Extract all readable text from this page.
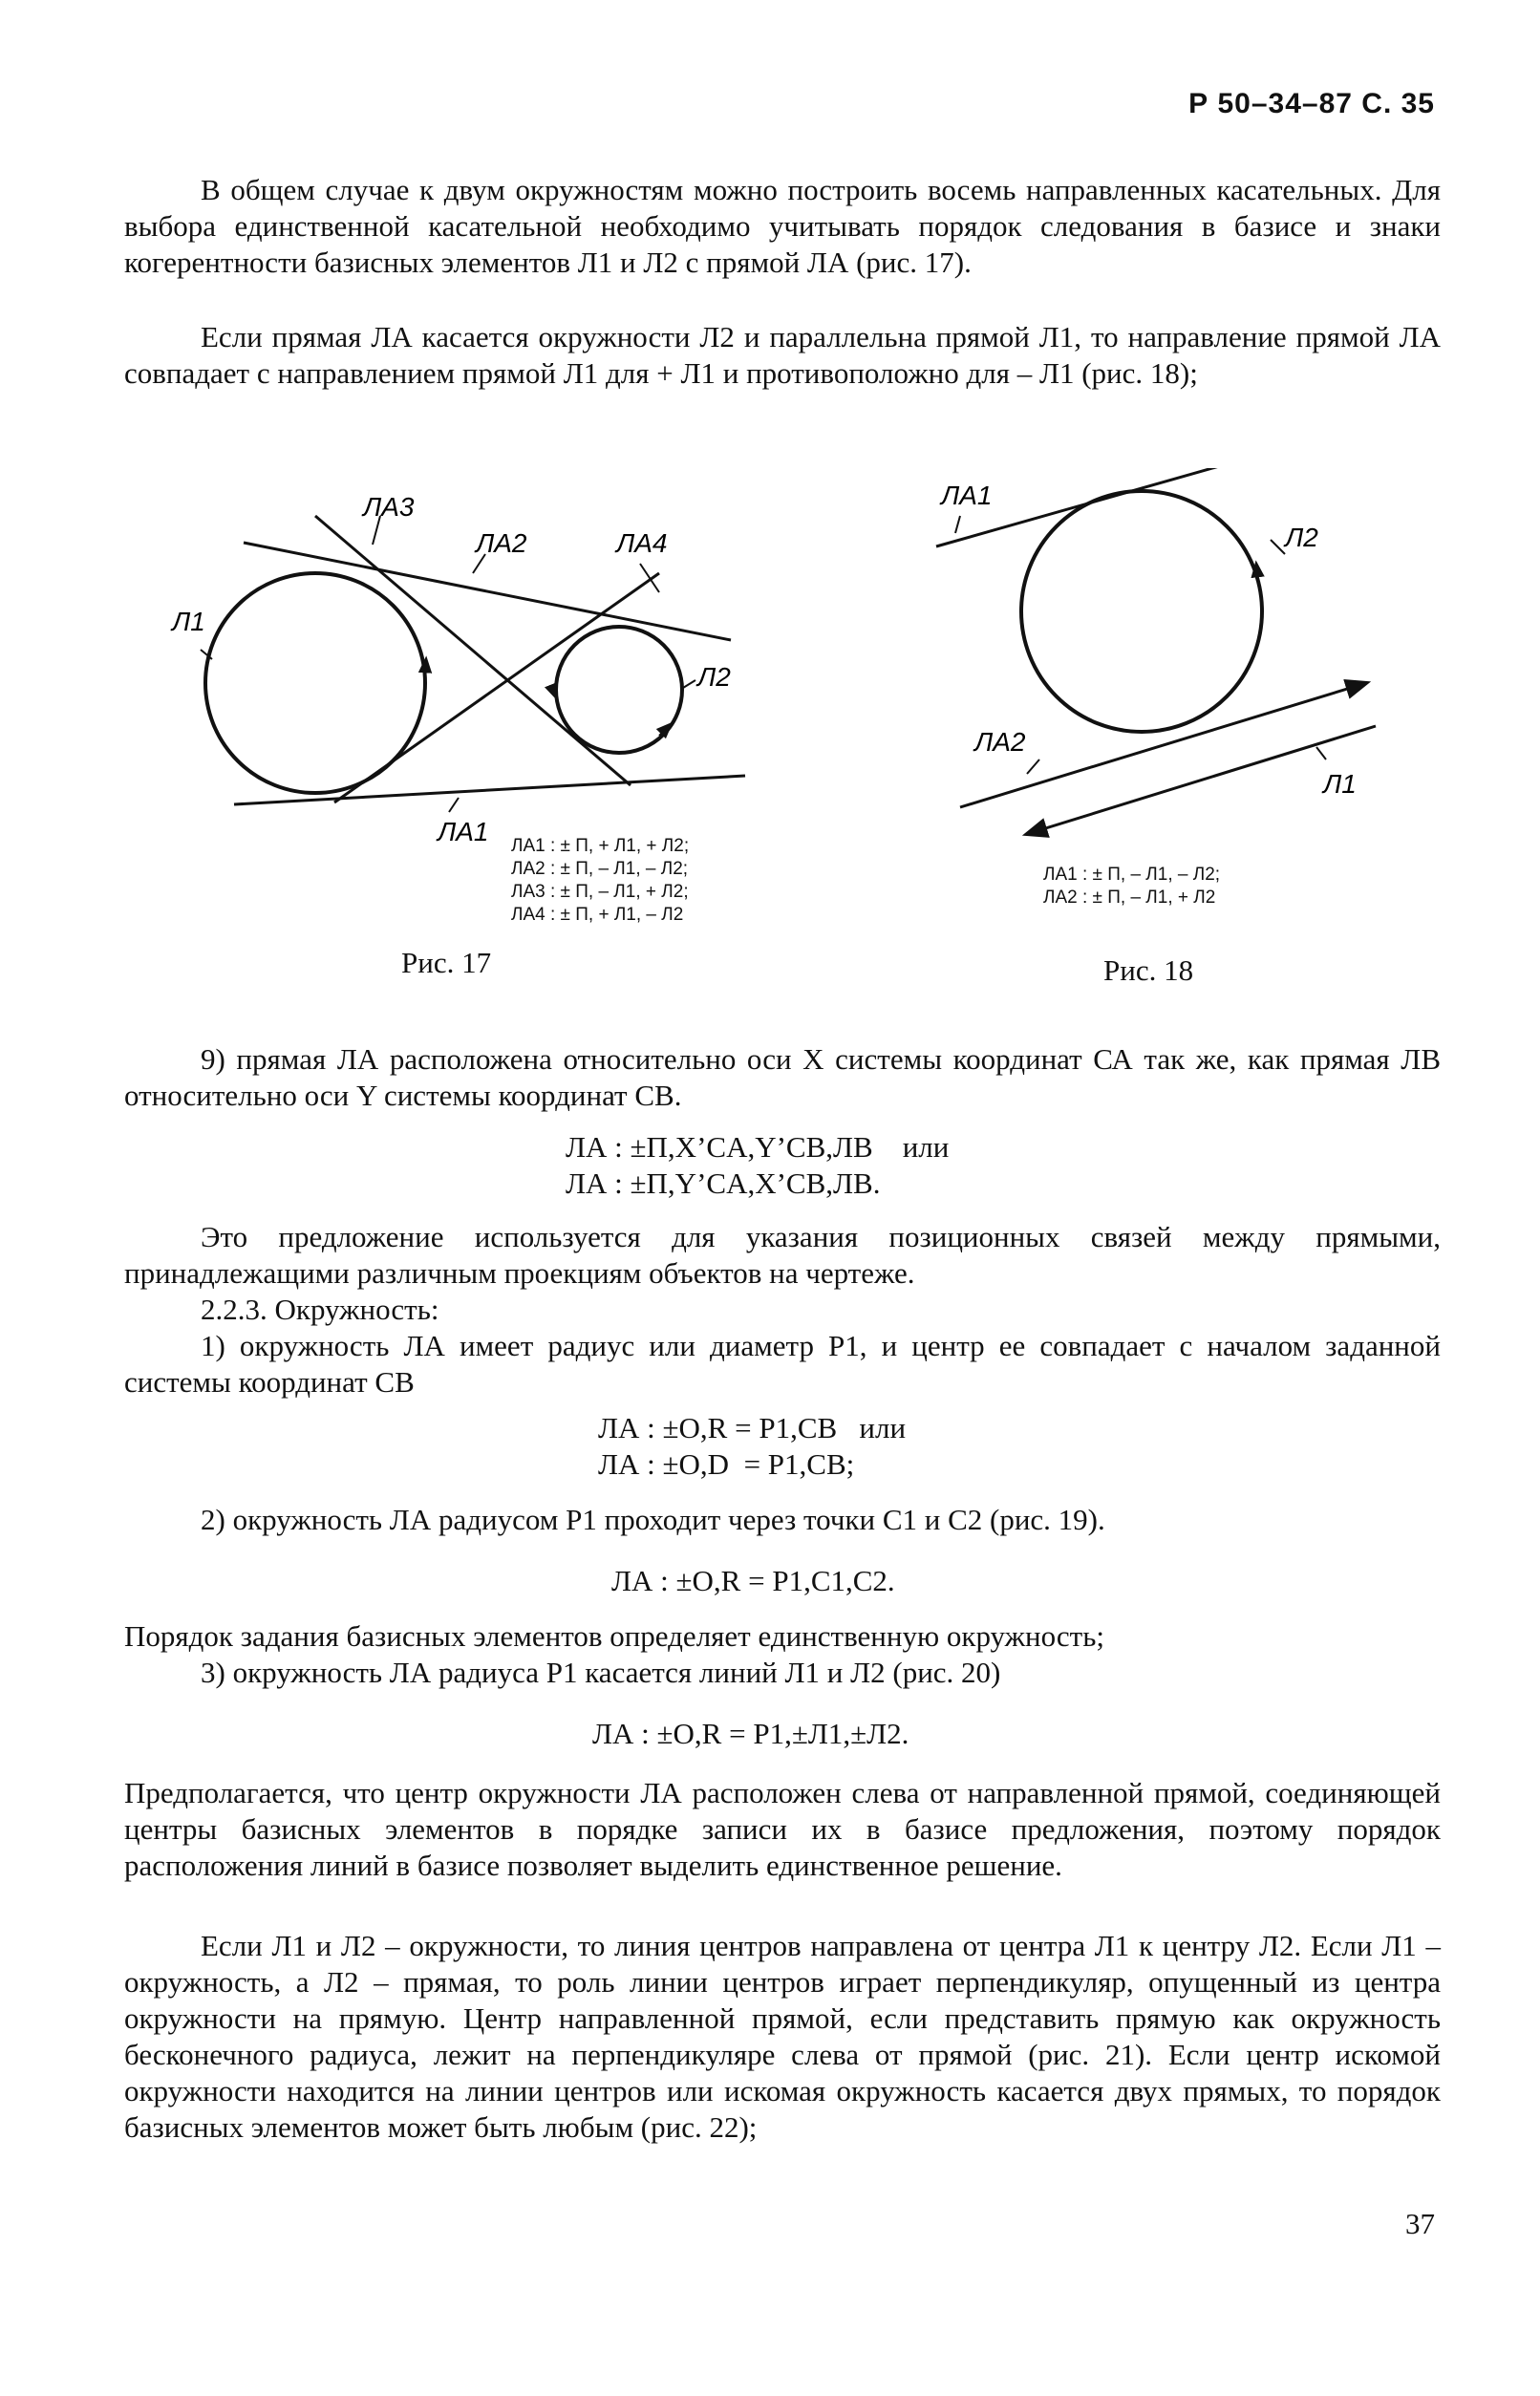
Р 50–34–87 С. 35

В общем случае к двум окружностям можно построить восемь направленных касательных. Для выбора единственной касательной необходимо учитывать порядок следования в базисе и знаки когерентности базисных элементов Л1 и Л2 с прямой ЛА (рис. 17).

Если прямая ЛА касается окружности Л2 и параллельна прямой Л1, то направление прямой ЛА совпадает с направлением прямой Л1 для + Л1 и противоположно для – Л1 (рис. 18);

ЛА3
ЛА2	ЛА4
Л1
Л2
ЛА1 ЛА1 : ± П, + Л1, + Л2;
ЛА2 : ± П, – Л1, – Л2;
ЛА3 : ± П, – Л1, + Л2;
ЛА4 : ± П, + Л1, – Л2
Рис. 17
ЛА1
Л2
ЛА2
Л1
ЛА1 : ± П, – Л1, – Л2;
ЛА2 : ± П, – Л1, + Л2
Рис. 18

9) прямая ЛА расположена относительно оси X системы координат СА так же, как прямая ЛВ относительно оси Y системы координат СВ.

ЛА : ±П,X’CA,Y’CB,ЛВ    или
ЛА : ±П,Y’CA,X’CB,ЛВ.

Это предложение используется для указания позиционных связей между прямыми, принадлежащими различным проекциям объектов на чертеже.

2.2.3. Окружность:

1) окружность ЛА имеет радиус или диаметр Р1, и центр ее совпадает с началом заданной системы координат СВ

ЛА : ±O,R = P1,CB   или
ЛА : ±O,D  = P1,CB;

2) окружность ЛА радиусом Р1 проходит через точки С1 и С2 (рис. 19).

ЛА : ±O,R = P1,C1,C2.

Порядок задания базисных элементов определяет единственную окружность;

3) окружность ЛА радиуса Р1 касается линий Л1 и Л2 (рис. 20)

ЛА : ±O,R = P1,±Л1,±Л2.

Предполагается, что центр окружности ЛА расположен слева от направленной прямой, соединяющей центры базисных элементов в порядке записи их в базисе предложения, поэтому порядок расположения линий в базисе позволяет выделить единственное решение.

Если Л1 и Л2 – окружности, то линия центров направлена от центра Л1 к центру Л2. Если Л1 – окружность, а Л2 – прямая, то роль линии центров играет перпендикуляр, опущенный из центра окружности на прямую. Центр направленной прямой, если представить прямую как окружность бесконечного радиуса, лежит на перпендикуляре слева от прямой (рис. 21). Если центр искомой окружности находится на линии центров или искомая окружность касается двух прямых, то порядок базисных элементов может быть любым (рис. 22);

37
